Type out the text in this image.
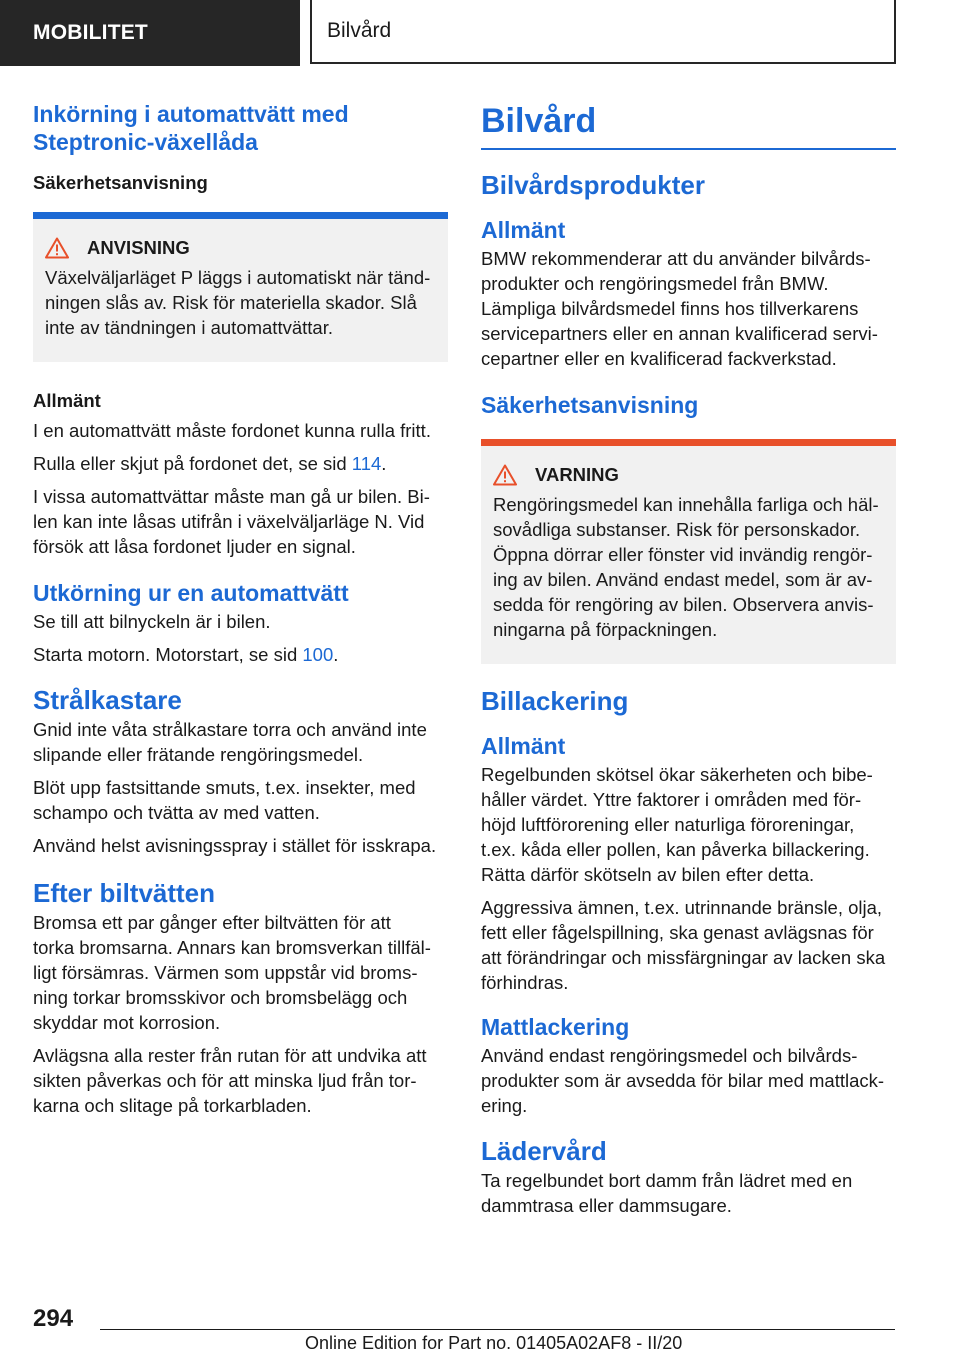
MOBILITET	Bilvård
Inkörning i automattvätt med
Steptronic-växellåda
Säkerhetsanvisning
ANVISNING

Växelväljarläget P läggs i automatiskt när tänd-
ningen slås av. Risk för materiella skador. Slå
inte av tändningen i automattvättar.

Allmänt

I en automattvätt måste fordonet kunna rulla fritt.

Rulla eller skjut på fordonet det, se sid 114.

I vissa automattvättar måste man gå ur bilen. Bi-
len kan inte låsas utifrån i växelväljarläge N. Vid
försök att låsa fordonet ljuder en signal.

Utkörning ur en automattvätt

Se till att bilnyckeln är i bilen.

Starta motorn. Motorstart, se sid 100.

Strålkastare

Gnid inte våta strålkastare torra och använd inte
slipande eller frätande rengöringsmedel.

Blöt upp fastsittande smuts, t.ex. insekter, med
schampo och tvätta av med vatten.

Använd helst avisningsspray i stället för isskrapa.

Efter biltvätten

Bromsa ett par gånger efter biltvätten för att
torka bromsarna. Annars kan bromsverkan tillfäl-
ligt försämras. Värmen som uppstår vid broms-
ning torkar bromsskivor och bromsbelägg och
skyddar mot korrosion.

Avlägsna alla rester från rutan för att undvika att
sikten påverkas och för att minska ljud från tor-
karna och slitage på torkarbladen.

Bilvård
Bilvårdsprodukter
Allmänt

BMW rekommenderar att du använder bilvårds-
produkter och rengöringsmedel från BMW.
Lämpliga bilvårdsmedel finns hos tillverkarens
servicepartners eller en annan kvalificerad servi-
cepartner eller en kvalificerad fackverkstad.

Säkerhetsanvisning
VARNING

Rengöringsmedel kan innehålla farliga och häl-
sovådliga substanser. Risk för personskador.
Öppna dörrar eller fönster vid invändig rengör-
ing av bilen. Använd endast medel, som är av-
sedda för rengöring av bilen. Observera anvis-
ningarna på förpackningen.

Billackering
Allmänt

Regelbunden skötsel ökar säkerheten och bibe-
håller värdet. Yttre faktorer i områden med för-
höjd luftförorening eller naturliga föroreningar,
t.ex. kåda eller pollen, kan påverka billackering.
Rätta därför skötseln av bilen efter detta.

Aggressiva ämnen, t.ex. utrinnande bränsle, olja,
fett eller fågelspillning, ska genast avlägsnas för
att förändringar och missfärgningar av lacken ska
förhindras.

Mattlackering

Använd endast rengöringsmedel och bilvårds-
produkter som är avsedda för bilar med mattlack-
ering.

Lädervård

Ta regelbundet bort damm från lädret med en
dammtrasa eller dammsugare.

294
Online Edition for Part no. 01405A02AF8 - II/20
